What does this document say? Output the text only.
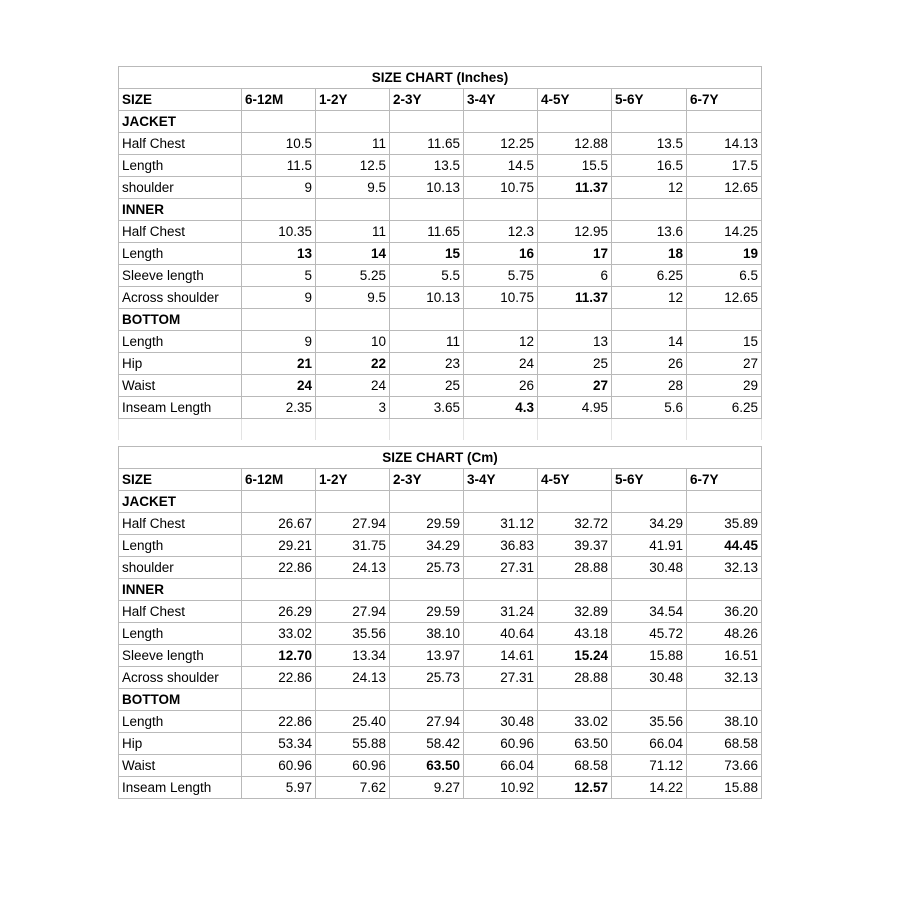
SIZE CHART (Inches)							
SIZE	6-12M	1-2Y	2-3Y	3-4Y	4-5Y	5-6Y	6-7Y
JACKET							
Half Chest	10.5	11	11.65	12.25	12.88	13.5	14.13
Length	11.5	12.5	13.5	14.5	15.5	16.5	17.5
shoulder	9	9.5	10.13	10.75	11.37	12	12.65
INNER							
Half Chest	10.35	11	11.65	12.3	12.95	13.6	14.25
Length	13	14	15	16	17	18	19
Sleeve length	5	5.25	5.5	5.75	6	6.25	6.5
Across shoulder	9	9.5	10.13	10.75	11.37	12	12.65
BOTTOM							
Length	9	10	11	12	13	14	15
Hip	21	22	23	24	25	26	27
Waist	24	24	25	26	27	28	29
Inseam Length	2.35	3	3.65	4.3	4.95	5.6	6.25

SIZE CHART (Cm)							
SIZE	6-12M	1-2Y	2-3Y	3-4Y	4-5Y	5-6Y	6-7Y
JACKET							
Half Chest	26.67	27.94	29.59	31.12	32.72	34.29	35.89
Length	29.21	31.75	34.29	36.83	39.37	41.91	44.45
shoulder	22.86	24.13	25.73	27.31	28.88	30.48	32.13
INNER							
Half Chest	26.29	27.94	29.59	31.24	32.89	34.54	36.20
Length	33.02	35.56	38.10	40.64	43.18	45.72	48.26
Sleeve length	12.70	13.34	13.97	14.61	15.24	15.88	16.51
Across shoulder	22.86	24.13	25.73	27.31	28.88	30.48	32.13
BOTTOM							
Length	22.86	25.40	27.94	30.48	33.02	35.56	38.10
Hip	53.34	55.88	58.42	60.96	63.50	66.04	68.58
Waist	60.96	60.96	63.50	66.04	68.58	71.12	73.66
Inseam Length	5.97	7.62	9.27	10.92	12.57	14.22	15.88
